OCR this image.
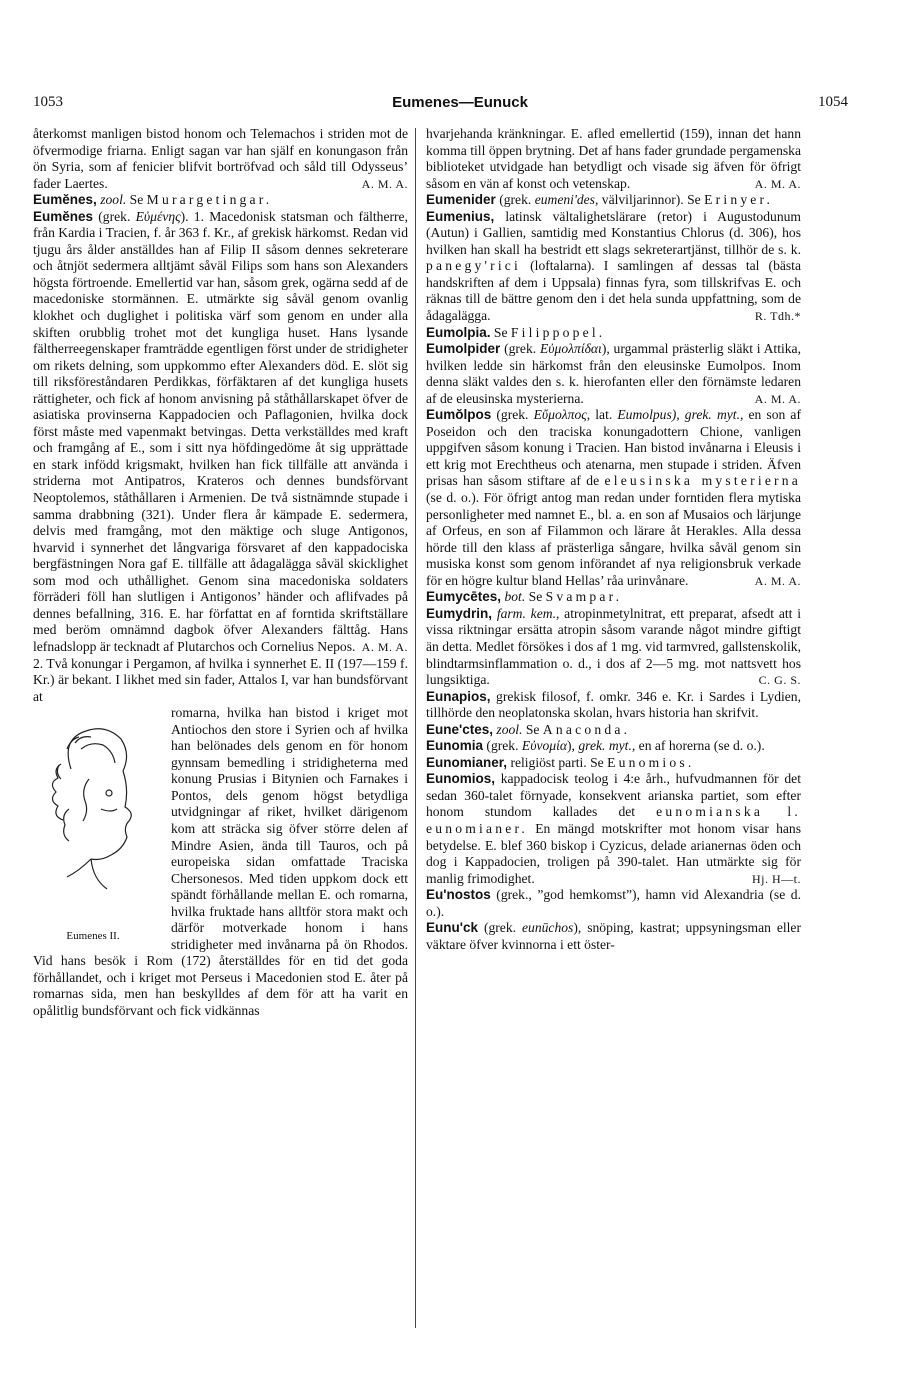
1053	Eumenes—Eunuck	1054

återkomst manligen bistod honom och Telemachos i striden mot de öfvermodige friarna. Enligt sagan var han själf en konungason från ön Syria, som af fenicier blifvit bortröfvad och såld till Odysseus’ fader Laertes.	A. M. A.

Eumĕnes, zool. Se Murargetingar.

Eumĕnes (grek. Εὐμένης). 1. Macedonisk statsman och fältherre, från Kardia i Tracien, f. år 363 f. Kr., af grekisk härkomst. Redan vid tjugu års ålder anställdes han af Filip II såsom dennes sekreterare och åtnjöt sedermera alltjämt såväl Filips som hans son Alexanders högsta förtroende. Emellertid var han, såsom grek, ogärna sedd af de macedoniske stormännen. E. utmärkte sig såväl genom ovanlig klokhet och duglighet i politiska värf som genom en under alla skiften orubblig trohet mot det kungliga huset. Hans lysande fältherreegenskaper framträdde egentligen först under de stridigheter om rikets delning, som uppkommo efter Alexanders död. E. slöt sig till riksföreståndaren Perdikkas, förfäktaren af det kungliga husets rättigheter, och fick af honom anvisning på ståthållarskapet öfver de asiatiska provinserna Kappadocien och Paflagonien, hvilka dock först måste med vapenmakt betvingas. Detta verkställdes med kraft och framgång af E., som i sitt nya höfdingedöme åt sig upprättade en stark infödd krigsmakt, hvilken han fick tillfälle att använda i striderna mot Antipatros, Krateros och dennes bundsförvant Neoptolemos, ståthållaren i Armenien. De två sistnämnde stupade i samma drabbning (321). Under flera år kämpade E. sedermera, delvis med framgång, mot den mäktige och sluge Antigonos, hvarvid i synnerhet det långvariga försvaret af den kappadociska bergfästningen Nora gaf E. tillfälle att ådagalägga såväl skicklighet som mod och uthållighet. Genom sina macedoniska soldaters förräderi föll han slutligen i Antigonos’ händer och aflifvades på dennes befallning, 316. E. har författat en af forntida skriftställare med beröm omnämnd dagbok öfver Alexanders fälttåg. Hans lefnadslopp är tecknadt af Plutarchos och Cornelius Nepos. A. M. A.

2. Två konungar i Pergamon, af hvilka i synnerhet E. II (197—159 f. Kr.) är bekant. I likhet med sin fader, Attalos I, var han bundsförvant at

Eumenes II.

romarna, hvilka han bistod i kriget mot Antiochos den store i Syrien och af hvilka han belönades dels genom en för honom gynnsam bemedling i stridigheterna med konung Prusias i Bitynien och Farnakes i Pontos, dels genom högst betydliga utvidgningar af riket, hvilket därigenom kom att sträcka sig öfver större delen af Mindre Asien, ända till Tauros, och på europeiska sidan omfattade Traciska Chersonesos. Med tiden uppkom dock ett spändt förhållande mellan E. och romarna, hvilka fruktade hans alltför stora makt och därför motverkade honom i hans stridigheter med invånarna på ön Rhodos. Vid hans besök i Rom (172) återställdes för en tid det goda förhållandet, och i kriget mot Perseus i Macedonien stod E. åter på romarnas sida, men han beskylldes af dem för att ha varit en opålitlig bundsförvant och fick vidkännas

hvarjehanda kränkningar. E. afled emellertid (159), innan det hann komma till öppen brytning. Det af hans fader grundade pergamenska biblioteket utvidgade han betydligt och visade sig äfven för öfrigt såsom en vän af konst och vetenskap.	A. M. A.

Eumenider (grek. eumeni'des, välviljarinnor). Se Erinyer.

Eumenius, latinsk vältalighetslärare (retor) i Augustodunum (Autun) i Gallien, samtidig med Konstantius Chlorus (d. 306), hos hvilken han skall ha bestridt ett slags sekreterartjänst, tillhör de s. k. panegy'rici (loftalarna). I samlingen af dessas tal (bästa handskriften af dem i Uppsala) finnas fyra, som tillskrifvas E. och räknas till de bättre genom den i det hela sunda uppfattning, som de ådagalägga.	R. Tdh.*

Eumolpia. Se Filippopel.

Eumolpider (grek. Εὐμολπίδαι), urgammal prästerlig släkt i Attika, hvilken ledde sin härkomst från den eleusinske Eumolpos. Inom denna släkt valdes den s. k. hierofanten eller den förnämste ledaren af de eleusinska mysterierna.	A. M. A.

Eumŏlpos (grek. Εὔμολπος, lat. Eumolpus), grek. myt., en son af Poseidon och den traciska konungadottern Chione, vanligen uppgifven såsom konung i Tracien. Han bistod invånarna i Eleusis i ett krig mot Erechtheus och atenarna, men stupade i striden. Äfven prisas han såsom stiftare af de eleusinska mysterierna (se d. o.). För öfrigt antog man redan under forntiden flera mytiska personligheter med namnet E., bl. a. en son af Musaios och lärjunge af Orfeus, en son af Filammon och lärare åt Herakles. Alla dessa hörde till den klass af prästerliga sångare, hvilka såväl genom sin musiska konst som genom införandet af nya religionsbruk verkade för en högre kultur bland Hellas’ råa urinvånare.	A. M. A.

Eumycētes, bot. Se Svampar.

Eumydrin, farm. kem., atropinmetylnitrat, ett preparat, afsedt att i vissa riktningar ersätta atropin såsom varande något mindre giftigt än detta. Medlet försökes i dos af 1 mg. vid tarmvred, gallstenskolik, blindtarmsinflammation o. d., i dos af 2—5 mg. mot nattsvett hos lungsiktiga.	C. G. S.

Eunapios, grekisk filosof, f. omkr. 346 e. Kr. i Sardes i Lydien, tillhörde den neoplatonska skolan, hvars historia han skrifvit.

Eune'ctes, zool. Se Anaconda.

Eunomia (grek. Εὐνομία), grek. myt., en af horerna (se d. o.).

Eunomianer, religiöst parti. Se Eunomios.

Eunomios, kappadocisk teolog i 4:e årh., hufvudmannen för det sedan 360-talet förnyade, konsekvent arianska partiet, som efter honom stundom kallades det eunomianska l. eunomianer. En mängd motskrifter mot honom visar hans betydelse. E. blef 360 biskop i Cyzicus, delade arianernas öden och dog i Kappadocien, troligen på 390-talet. Han utmärkte sig för manlig frimodighet.	Hj. H—t.

Eu'nostos (grek., ”god hemkomst”), hamn vid Alexandria (se d. o.).

Eunu'ck (grek. eunūchos), snöping, kastrat; uppsyningsman eller väktare öfver kvinnorna i ett öster-
